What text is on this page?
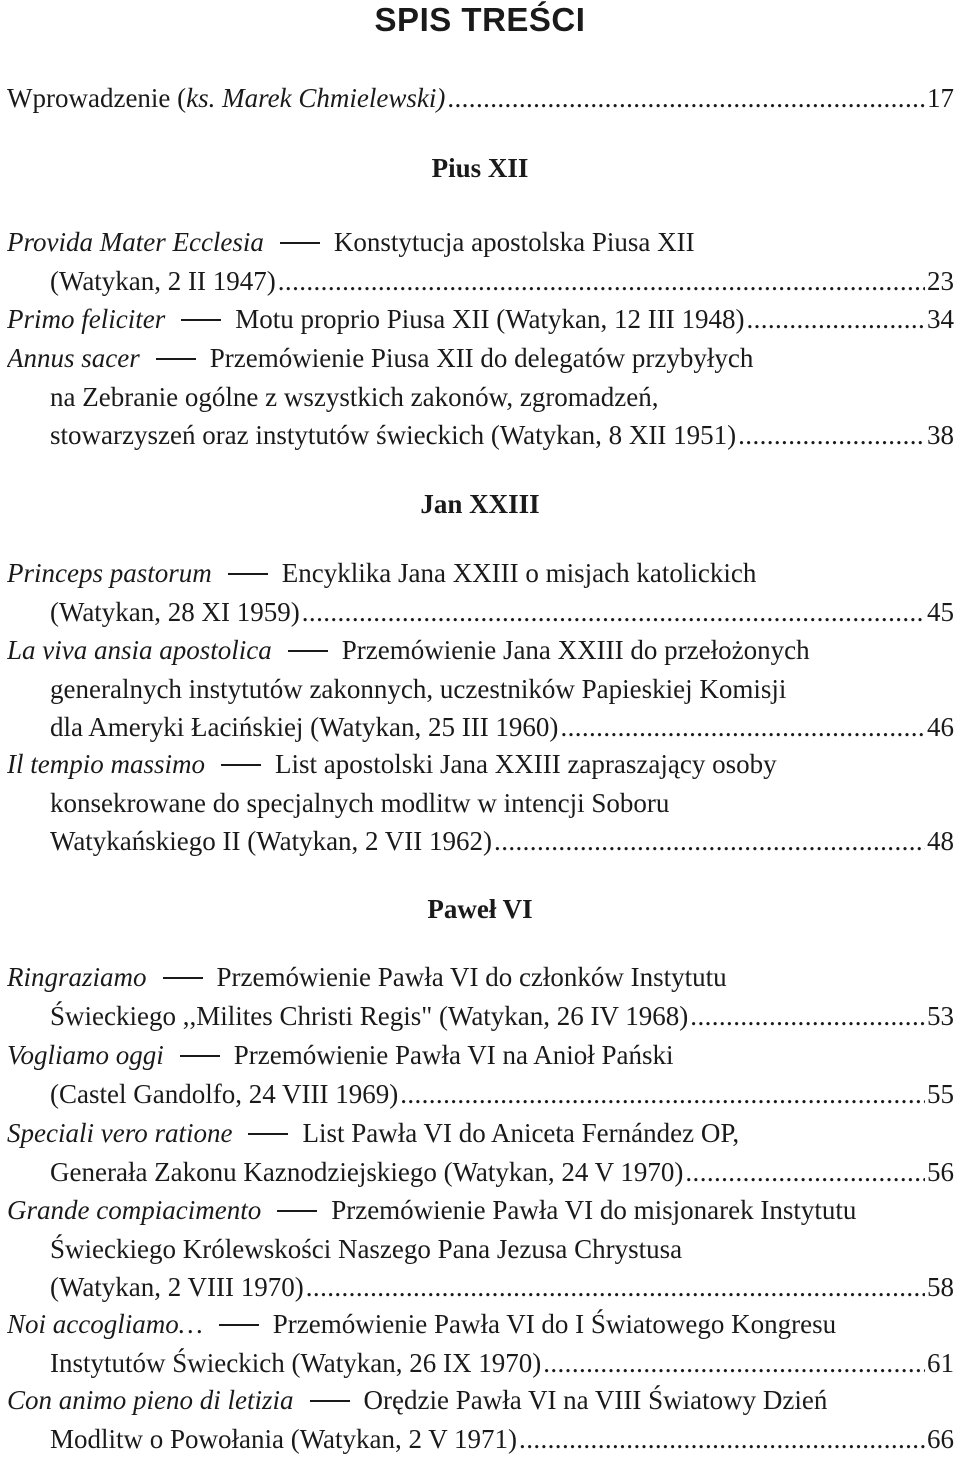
SPIS TREŚCI
Wprowadzenie (ks. Marek Chmielewski) .....	17
Pius XII
Provida Mater Ecclesia	Konstytucja apostolska Piusa XII
(Watykan, 2 II 1947) .....	23
Primo feliciter	Motu proprio Piusa XII (Watykan, 12 III 1948) .....	34
Annus sacer	Przemówienie Piusa XII do delegatów przybyłych
na Zebranie ogólne z wszystkich zakonów, zgromadzeń,
stowarzyszeń oraz instytutów świeckich (Watykan, 8 XII 1951) .....	38
Jan XXIII
Princeps pastorum	Encyklika Jana XXIII o misjach katolickich
(Watykan, 28 XI 1959) .....	45
La viva ansia apostolica	Przemówienie Jana XXIII do przełożonych
generalnych instytutów zakonnych, uczestników Papieskiej Komisji
dla Ameryki Łacińskiej (Watykan, 25 III 1960) .....	46
Il tempio massimo	List apostolski Jana XXIII zapraszający osoby
konsekrowane do specjalnych modlitw w intencji Soboru
Watykańskiego II (Watykan, 2 VII 1962) .....	48
Paweł VI
Ringraziamo	Przemówienie Pawła VI do członków Instytutu
Świeckiego ,,Milites Christi Regis" (Watykan, 26 IV 1968) .....	53
Vogliamo oggi	Przemówienie Pawła VI na Anioł Pański
(Castel Gandolfo, 24 VIII 1969) .....	55
Speciali vero ratione	List Pawła VI do Aniceta Fernández OP,
Generała Zakonu Kaznodziejskiego (Watykan, 24 V 1970) .....	56
Grande compiacimento	Przemówienie Pawła VI do misjonarek Instytutu
Świeckiego Królewskości Naszego Pana Jezusa Chrystusa
(Watykan, 2 VIII 1970) .....	58
Noi accogliamo…	Przemówienie Pawła VI do I Światowego Kongresu
Instytutów Świeckich (Watykan, 26 IX 1970) .....	61
Con animo pieno di letizia	Orędzie Pawła VI na VIII Światowy Dzień
Modlitw o Powołania (Watykan, 2 V 1971) .....	66
